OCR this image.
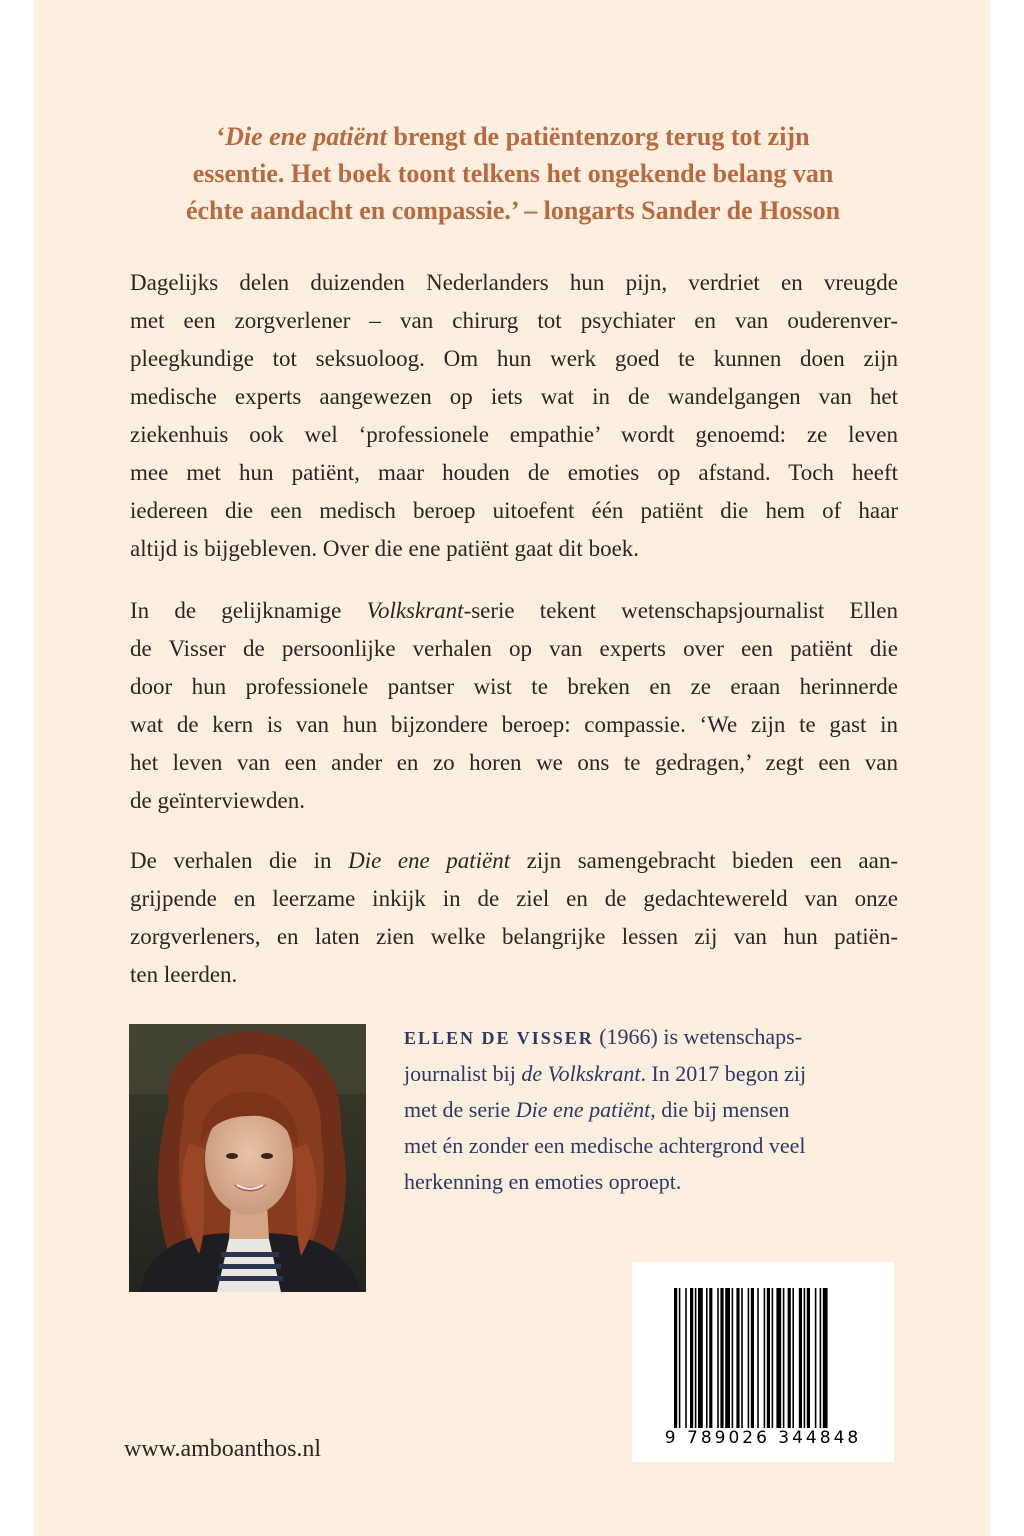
‘Die ene patiënt brengt de patiëntenzorg terug tot zijn
essentie. Het boek toont telkens het ongekende belang van
échte aandacht en compassie.’ – longarts Sander de Hosson

Dagelijks delen duizenden Nederlanders hun pijn, verdriet en vreugde
met een zorgverlener – van chirurg tot psychiater en van ouderenver-
pleegkundige tot seksuoloog. Om hun werk goed te kunnen doen zijn
medische experts aangewezen op iets wat in de wandelgangen van het
ziekenhuis ook wel ‘professionele empathie’ wordt genoemd: ze leven
mee met hun patiënt, maar houden de emoties op afstand. Toch heeft
iedereen die een medisch beroep uitoefent één patiënt die hem of haar
altijd is bijgebleven. Over die ene patiënt gaat dit boek.

In de gelijknamige Volkskrant-serie tekent wetenschapsjournalist Ellen
de Visser de persoonlijke verhalen op van experts over een patiënt die
door hun professionele pantser wist te breken en ze eraan herinnerde
wat de kern is van hun bijzondere beroep: compassie. ‘We zijn te gast in
het leven van een ander en zo horen we ons te gedragen,’ zegt een van
de geïnterviewden.

De verhalen die in Die ene patiënt zijn samengebracht bieden een aan-
grijpende en leerzame inkijk in de ziel en de gedachtewereld van onze
zorgverleners, en laten zien welke belangrijke lessen zij van hun patiën-
ten leerden.

ELLEN DE VISSER (1966) is wetenschaps-
journalist bij de Volkskrant. In 2017 begon zij
met de serie Die ene patiënt, die bij mensen
met én zonder een medische achtergrond veel
herkenning en emoties oproept.

9 789026 344848
www.amboanthos.nl
